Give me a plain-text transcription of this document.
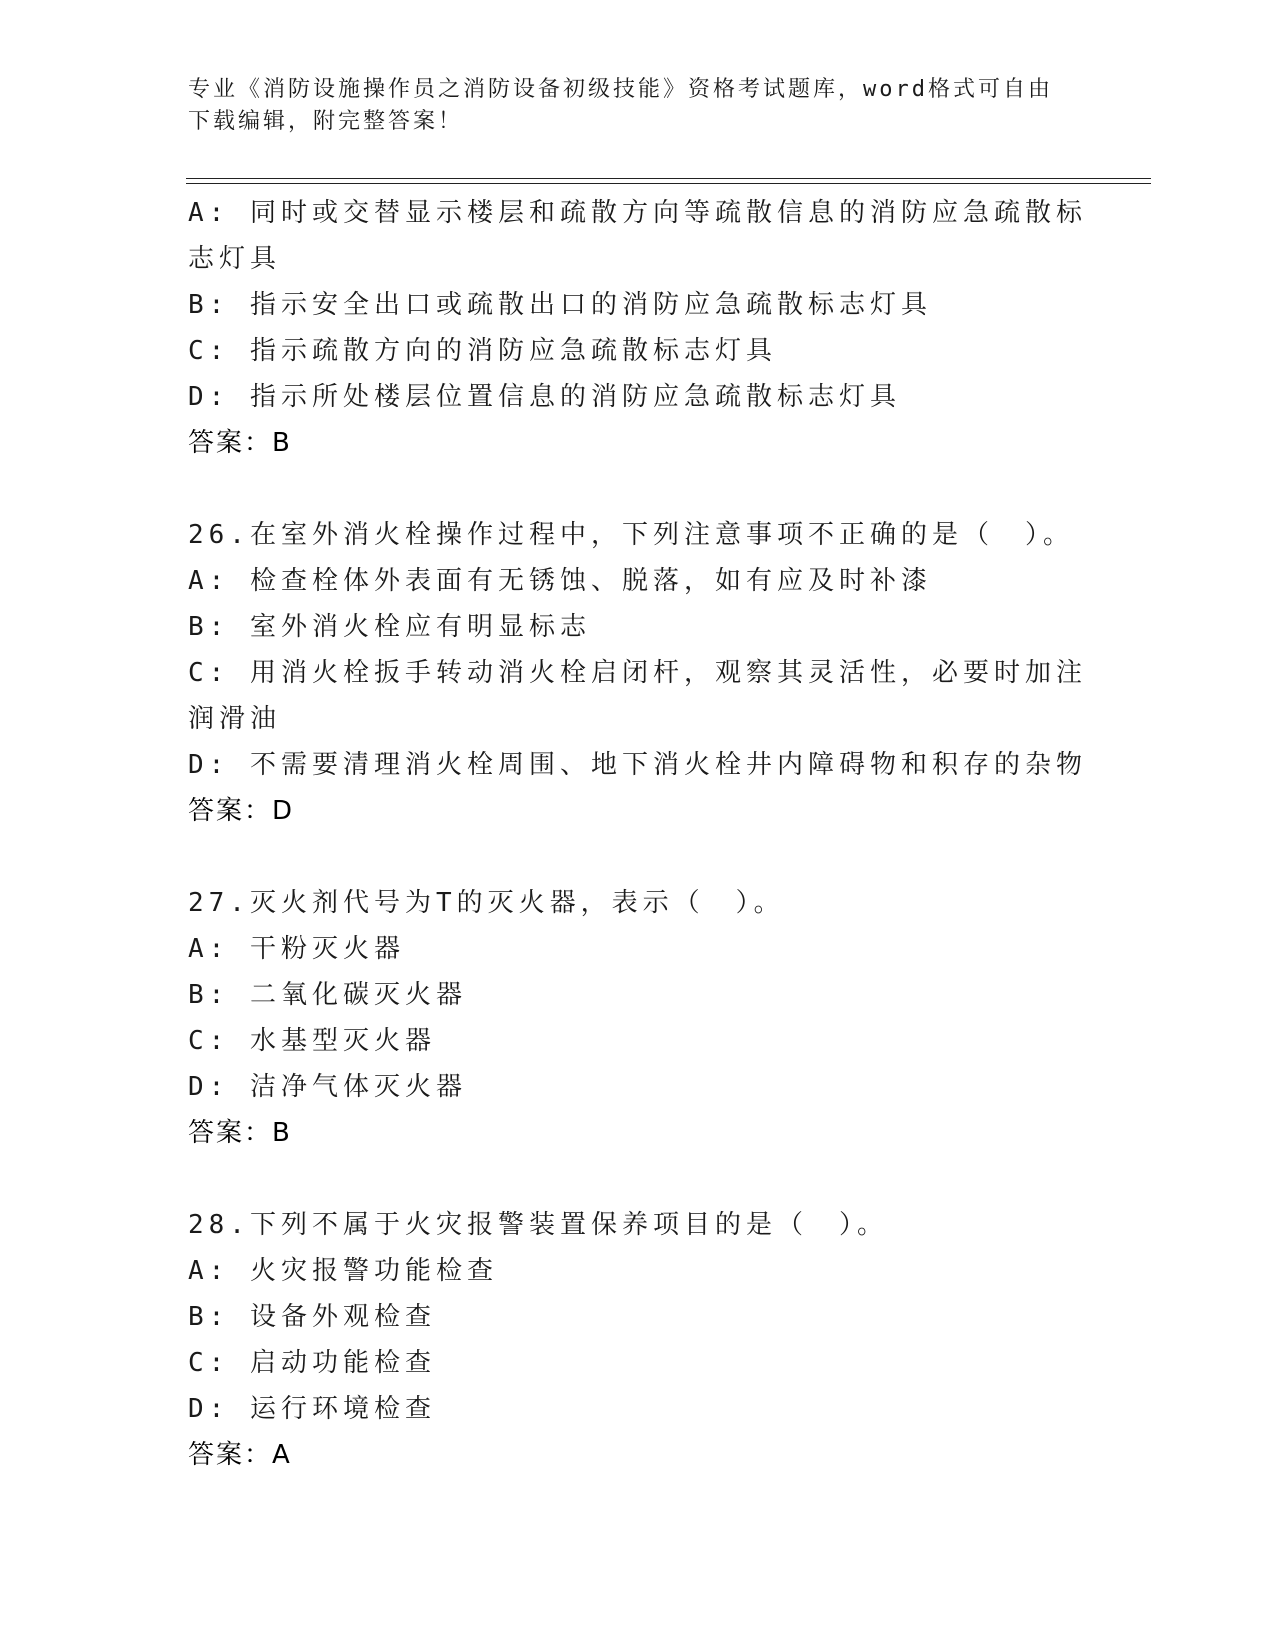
专业《消防设施操作员之消防设备初级技能》资格考试题库，word格式可自由下载编辑，附完整答案！
A: 同时或交替显示楼层和疏散方向等疏散信息的消防应急疏散标志灯具
B: 指示安全出口或疏散出口的消防应急疏散标志灯具
C: 指示疏散方向的消防应急疏散标志灯具
D: 指示所处楼层位置信息的消防应急疏散标志灯具
答案：B
26.在室外消火栓操作过程中，下列注意事项不正确的是（　）。
A: 检查栓体外表面有无锈蚀、脱落，如有应及时补漆
B: 室外消火栓应有明显标志
C: 用消火栓扳手转动消火栓启闭杆，观察其灵活性，必要时加注润滑油
D: 不需要清理消火栓周围、地下消火栓井内障碍物和积存的杂物
答案：D
27.灭火剂代号为T的灭火器，表示（　）。
A: 干粉灭火器
B: 二氧化碳灭火器
C: 水基型灭火器
D: 洁净气体灭火器
答案：B
28.下列不属于火灾报警装置保养项目的是（　）。
A: 火灾报警功能检查
B: 设备外观检查
C: 启动功能检查
D: 运行环境检查
答案：A
